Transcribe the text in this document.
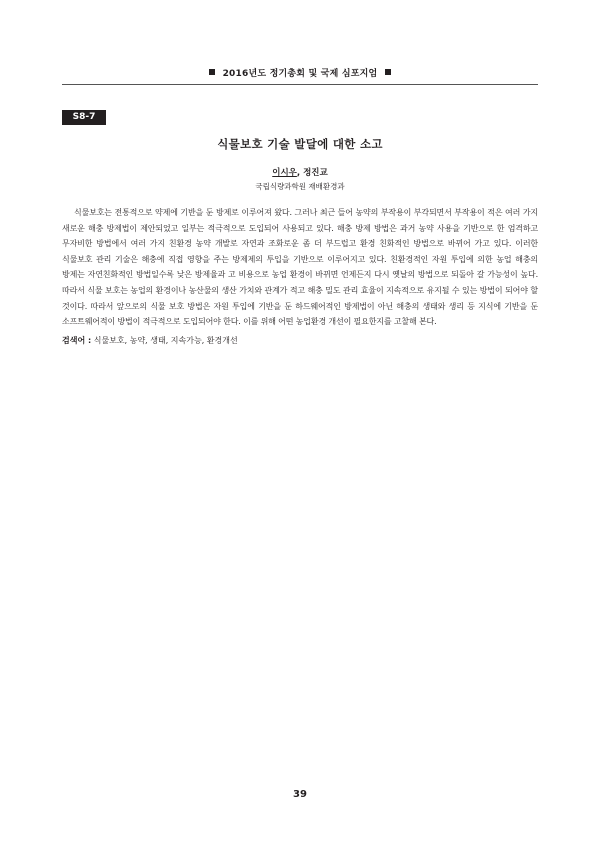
2016년도 정기총회 및 국제 심포지엄
S8-7
식물보호 기술 발달에 대한 소고
이시우, 정진교
국립식량과학원 재배환경과

식물보호는 전통적으로 약제에 기반을 둔 방제로 이루어져 왔다. 그러나 최근 들어 농약의 부작용이 부각되면서 부작용이 적은 여러 가지 새로운 해충 방제법이 제안되었고 일부는 적극적으로 도입되어 사용되고 있다. 해충 방제 방법은 과거 농약 사용을 기반으로 한 엄격하고 무자비한 방법에서 여러 가지 친환경 농약 개발로 자연과 조화로운 좀 더 부드럽고 환경 친화적인 방법으로 바뀌어 가고 있다. 이러한 식물보호 관리 기술은 해충에 직접 영향을 주는 방제제의 투입을 기반으로 이루어지고 있다. 친환경적인 자원 투입에 의한 농업 해충의 방제는 자연친화적인 방법일수록 낮은 방제율과 고 비용으로 농업 환경이 바뀌면 언제든지 다시 옛날의 방법으로 되돌아 갈 가능성이 높다. 따라서 식물 보호는 농업의 환경이나 농산물의 생산 가치와 관계가 적고 해충 밀도 관리 효율이 지속적으로 유지될 수 있는 방법이 되어야 할 것이다. 따라서 앞으로의 식물 보호 방법은 자원 투입에 기반을 둔 하드웨어적인 방제법이 아닌 해충의 생태와 생리 등 지식에 기반을 둔 소프트웨어적이 방법이 적극적으로 도입되어야 한다. 이를 위해 어떤 농업환경 개선이 필요한지를 고찰해 본다.

검색어 : 식물보호, 농약, 생태, 지속가능, 환경개선
39
